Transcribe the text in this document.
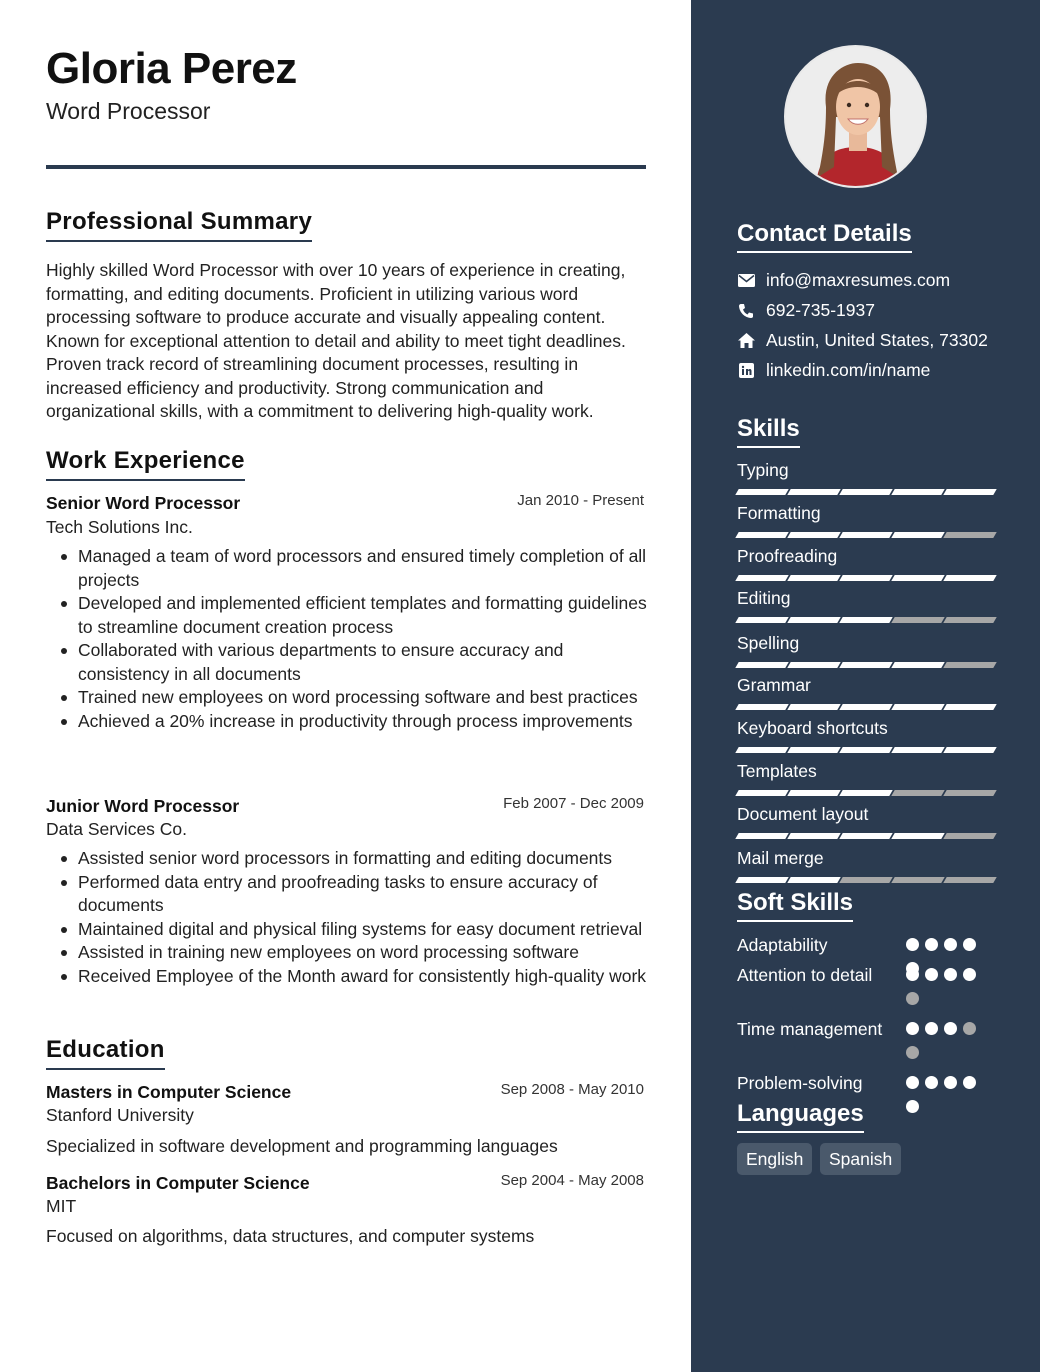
Gloria Perez
Word Processor
Professional Summary
Highly skilled Word Processor with over 10 years of experience in creating, formatting, and editing documents. Proficient in utilizing various word processing software to produce accurate and visually appealing content. Known for exceptional attention to detail and ability to meet tight deadlines. Proven track record of streamlining document processes, resulting in increased efficiency and productivity. Strong communication and organizational skills, with a commitment to delivering high-quality work.
Work Experience
Senior Word Processor	Jan 2010 - Present
Tech Solutions Inc.
Managed a team of word processors and ensured timely completion of all projects
Developed and implemented efficient templates and formatting guidelines to streamline document creation process
Collaborated with various departments to ensure accuracy and consistency in all documents
Trained new employees on word processing software and best practices
Achieved a 20% increase in productivity through process improvements
Junior Word Processor	Feb 2007 - Dec 2009
Data Services Co.
Assisted senior word processors in formatting and editing documents
Performed data entry and proofreading tasks to ensure accuracy of documents
Maintained digital and physical filing systems for easy document retrieval
Assisted in training new employees on word processing software
Received Employee of the Month award for consistently high-quality work
Education
Masters in Computer Science	Sep 2008 - May 2010
Stanford University
Specialized in software development and programming languages
Bachelors in Computer Science	Sep 2004 - May 2008
MIT
Focused on algorithms, data structures, and computer systems
Contact Details
info@maxresumes.com
692-735-1937
Austin, United States, 73302
linkedin.com/in/name
Skills
Typing
Formatting
Proofreading
Editing
Spelling
Grammar
Keyboard shortcuts
Templates
Document layout
Mail merge
Soft Skills
Adaptability
Attention to detail
Time management
Problem-solving
Languages
English	Spanish
